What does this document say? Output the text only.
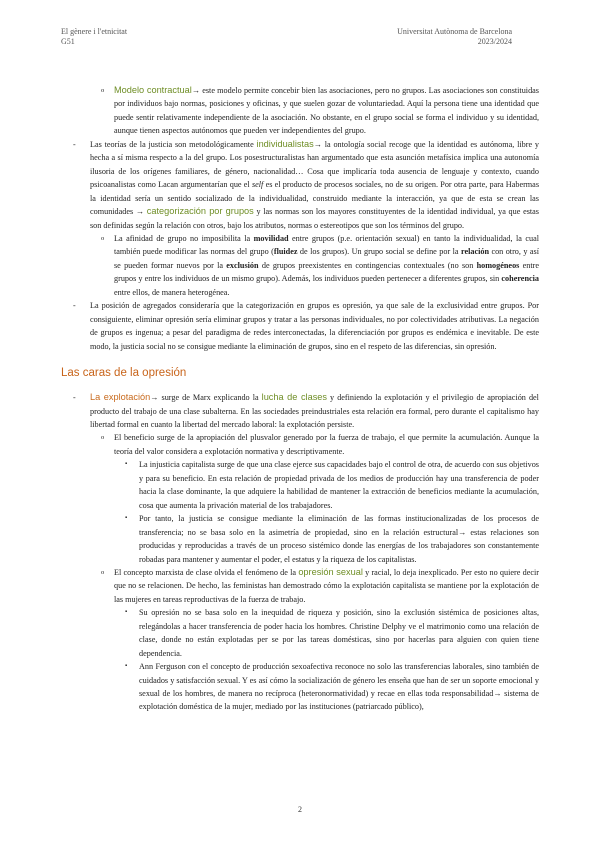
El gènere i l'etnicitat
G51
Universitat Autònoma de Barcelona
2023/2024
o Modelo contractual→ este modelo permite concebir bien las asociaciones, pero no grupos. Las asociaciones son constituidas por individuos bajo normas, posiciones y oficinas, y que suelen gozar de voluntariedad. Aquí la persona tiene una identidad que puede sentir relativamente independiente de la asociación. No obstante, en el grupo social se forma el individuo y su identidad, aunque tienen aspectos autónomos que pueden ver independientes del grupo.
- Las teorías de la justicia son metodológicamente individualistas→ la ontología social recoge que la identidad es autónoma, libre y hecha a sí misma respecto a la del grupo. Los posestructuralistas han argumentado que esta asunción metafísica implica una autonomía ilusoria de los orígenes familiares, de género, nacionalidad… Cosa que implicaría toda ausencia de lenguaje y contexto, cuando psicoanalistas como Lacan argumentarían que el self es el producto de procesos sociales, no de su origen. Por otra parte, para Habermas la identidad sería un sentido socializado de la individualidad, construido mediante la interacción, ya que de esta se crean las comunidades → categorización por grupos y las normas son los mayores constituyentes de la identidad individual, ya que estas son definidas según la relación con otros, bajo los atributos, normas o estereotipos que son los términos del grupo.
o La afinidad de grupo no imposibilita la movilidad entre grupos (p.e. orientación sexual) en tanto la individualidad, la cual también puede modificar las normas del grupo (fluidez de los grupos). Un grupo social se define por la relación con otro, y así se pueden formar nuevos por la exclusión de grupos preexistentes en contingencias contextuales (no son homogéneos entre grupos y entre los individuos de un mismo grupo). Además, los individuos pueden pertenecer a diferentes grupos, sin coherencia entre ellos, de manera heterogénea.
- La posición de agregados consideraría que la categorización en grupos es opresión, ya que sale de la exclusividad entre grupos. Por consiguiente, eliminar opresión sería eliminar grupos y tratar a las personas individuales, no por colectividades atributivas. La negación de grupos es ingenua; a pesar del paradigma de redes interconectadas, la diferenciación por grupos es endémica e inevitable. De este modo, la justicia social no se consigue mediante la eliminación de grupos, sino en el respeto de las diferencias, sin opresión.
Las caras de la opresión
- La explotación→ surge de Marx explicando la lucha de clases y definiendo la explotación y el privilegio de apropiación del producto del trabajo de una clase subalterna. En las sociedades preindustriales esta relación era formal, pero durante el capitalismo hay libertad formal en cuanto la libertad del mercado laboral: la explotación persiste.
o El beneficio surge de la apropiación del plusvalor generado por la fuerza de trabajo, el que permite la acumulación. Aunque la teoría del valor considera a explotación normativa y descriptivamente.
▪ La injusticia capitalista surge de que una clase ejerce sus capacidades bajo el control de otra, de acuerdo con sus objetivos y para su beneficio. En esta relación de propiedad privada de los medios de producción hay una transferencia de poder hacia la clase dominante, la que adquiere la habilidad de mantener la extracción de beneficios mediante la acumulación, cosa que aumenta la privación material de los trabajadores.
▪ Por tanto, la justicia se consigue mediante la eliminación de las formas institucionalizadas de los procesos de transferencia; no se basa solo en la asimetría de propiedad, sino en la relación estructural→ estas relaciones son producidas y reproducidas a través de un proceso sistémico donde las energías de los trabajadores son constantemente robadas para mantener y aumentar el poder, el estatus y la riqueza de los capitalistas.
o El concepto marxista de clase olvida el fenómeno de la opresión sexual y racial, lo deja inexplicado. Per esto no quiere decir que no se relacionen. De hecho, las feministas han demostrado cómo la explotación capitalista se mantiene por la explotación de las mujeres en tareas reproductivas de la fuerza de trabajo.
▪ Su opresión no se basa solo en la inequidad de riqueza y posición, sino la exclusión sistémica de posiciones altas, relegándolas a hacer transferencia de poder hacia los hombres. Christine Delphy ve el matrimonio como una relación de clase, donde no están explotadas per se por las tareas domésticas, sino por hacerlas para alguien con quien tiene dependencia.
▪ Ann Ferguson con el concepto de producción sexoafectiva reconoce no solo las transferencias laborales, sino también de cuidados y satisfacción sexual. Y es así cómo la socialización de género les enseña que han de ser un soporte emocional y sexual de los hombres, de manera no recíproca (heteronormatividad) y recae en ellas toda responsabilidad→ sistema de explotación doméstica de la mujer, mediado por las instituciones (patriarcado público),
2
